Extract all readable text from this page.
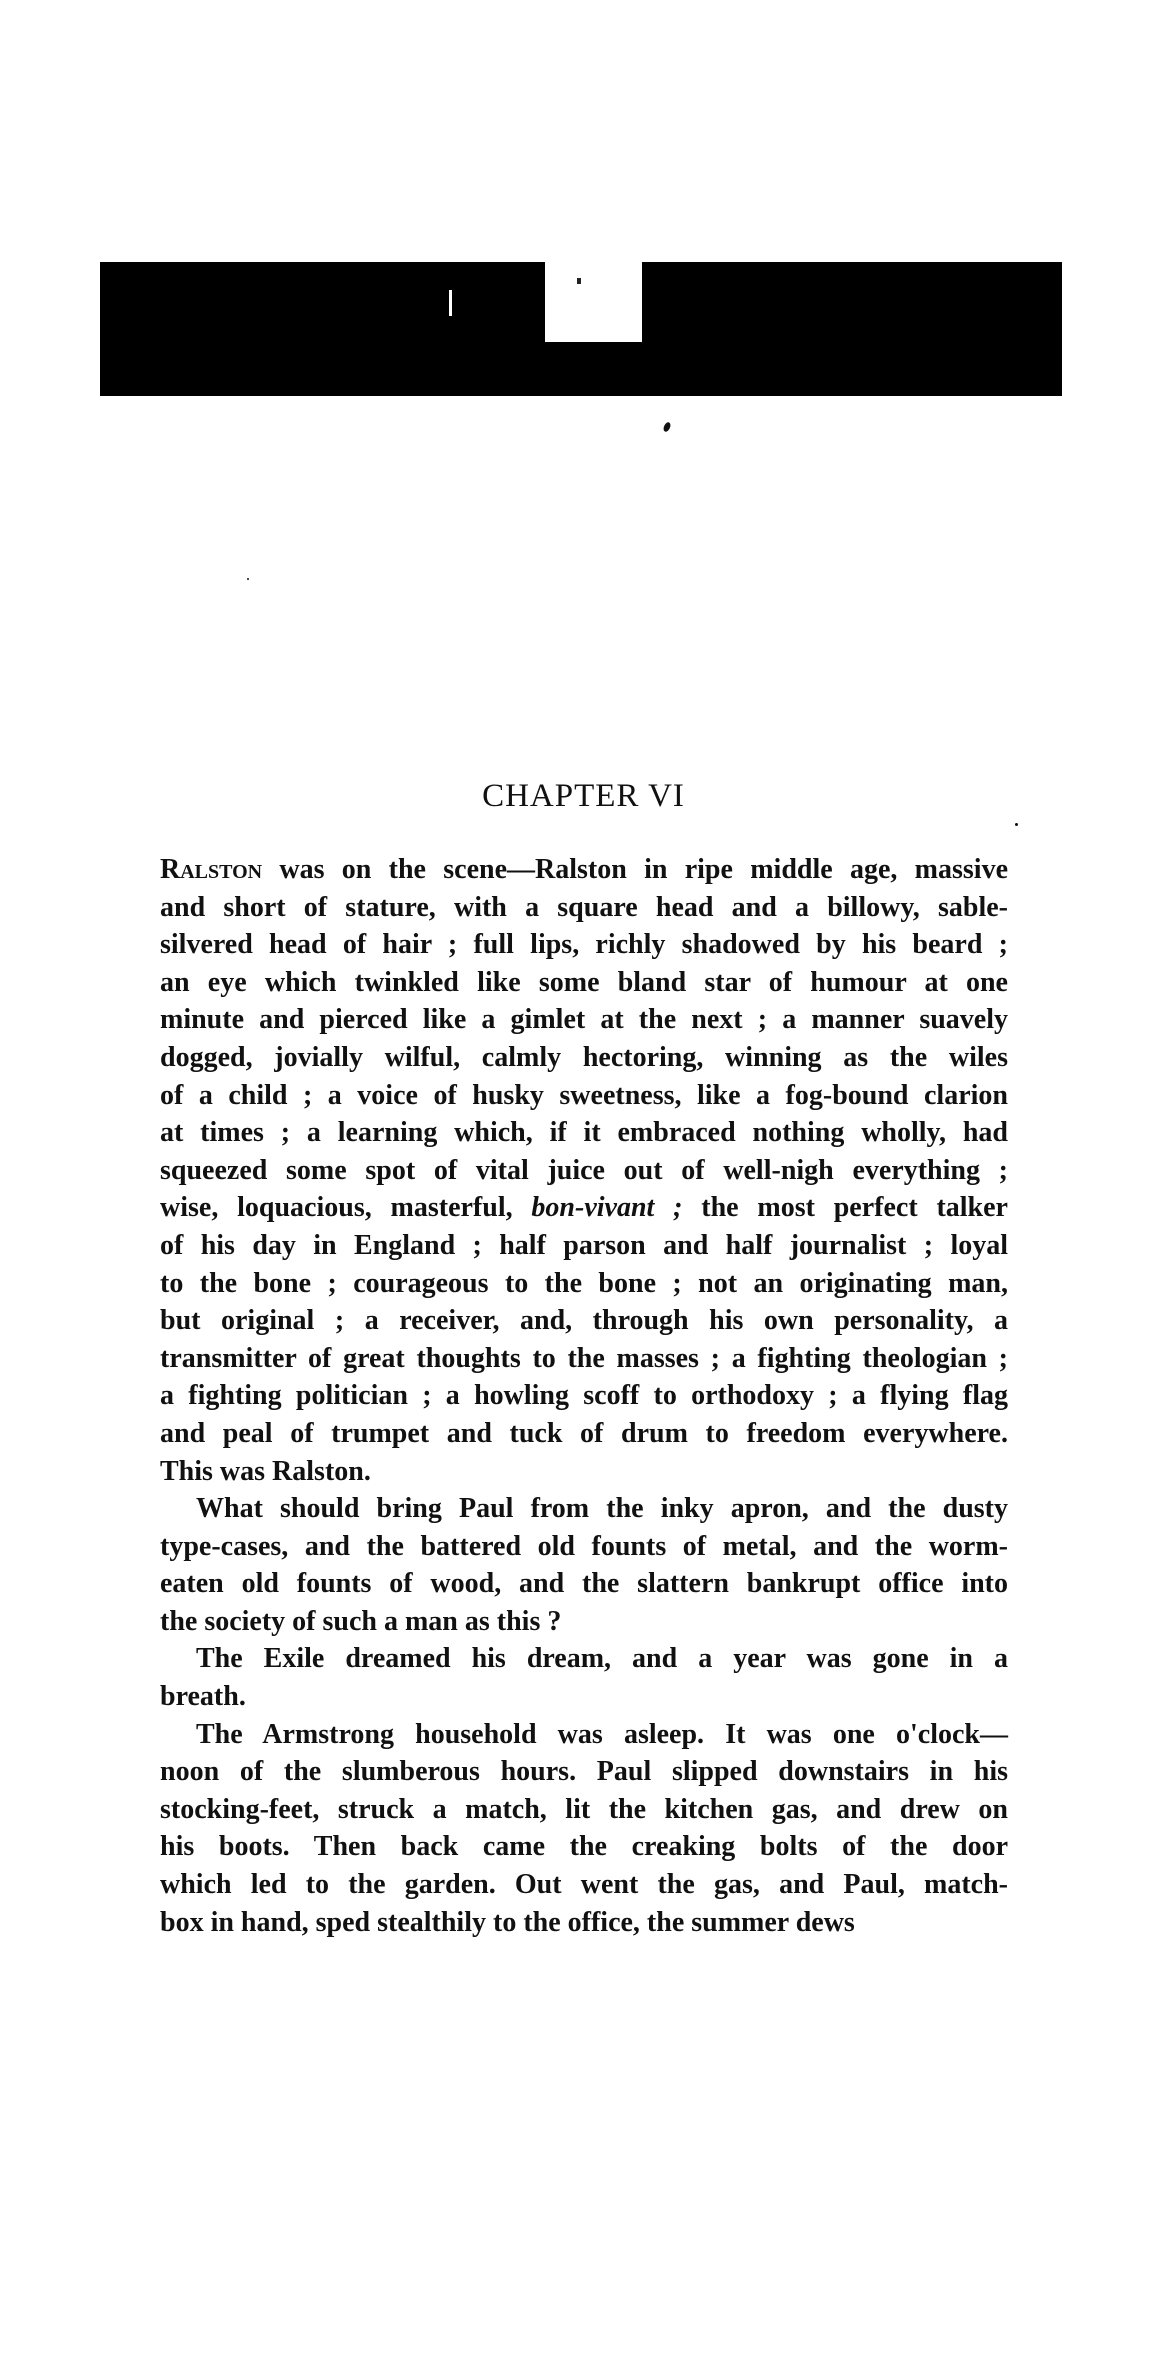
CHAPTER VI

Ralston was on the scene—Ralston in ripe middle age, massive
and short of stature, with a square head and a billowy, sable-
silvered head of hair ; full lips, richly shadowed by his beard ;
an eye which twinkled like some bland star of humour at one
minute and pierced like a gimlet at the next ; a manner suavely
dogged, jovially wilful, calmly hectoring, winning as the wiles
of a child ; a voice of husky sweetness, like a fog-bound clarion
at times ; a learning which, if it embraced nothing wholly, had
squeezed some spot of vital juice out of well-nigh everything ;
wise, loquacious, masterful, bon-vivant ; the most perfect talker
of his day in England ; half parson and half journalist ; loyal
to the bone ; courageous to the bone ; not an originating man,
but original ; a receiver, and, through his own personality, a
transmitter of great thoughts to the masses ; a fighting theologian ;
a fighting politician ; a howling scoff to orthodoxy ; a flying flag
and peal of trumpet and tuck of drum to freedom everywhere.
This was Ralston.

What should bring Paul from the inky apron, and the dusty
type-cases, and the battered old founts of metal, and the worm-
eaten old founts of wood, and the slattern bankrupt office into
the society of such a man as this ?

The Exile dreamed his dream, and a year was gone in a
breath.

The Armstrong household was asleep. It was one o'clock—
noon of the slumberous hours. Paul slipped downstairs in his
stocking-feet, struck a match, lit the kitchen gas, and drew on
his boots. Then back came the creaking bolts of the door
which led to the garden. Out went the gas, and Paul, match-
box in hand, sped stealthily to the office, the summer dews
